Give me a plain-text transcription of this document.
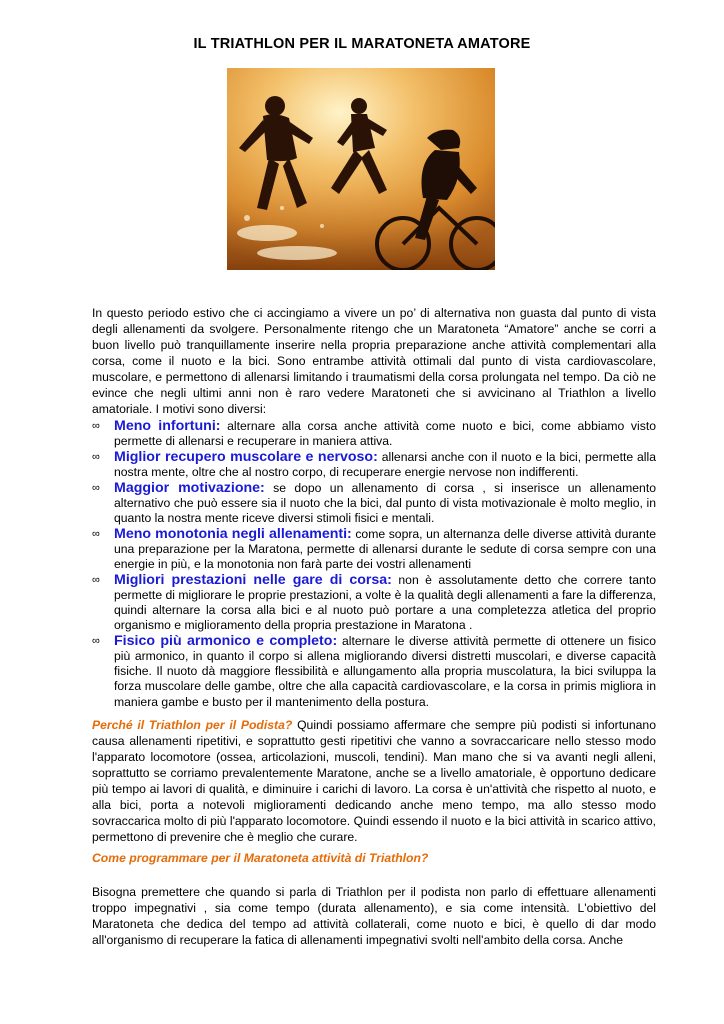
IL TRIATHLON PER IL MARATONETA AMATORE

In questo periodo estivo che ci accingiamo a vivere un po’ di alternativa non guasta dal punto di vista degli allenamenti da svolgere. Personalmente ritengo che un Maratoneta “Amatore” anche se corri a buon livello può tranquillamente inserire nella propria preparazione anche attività complementari alla corsa, come il nuoto e la bici. Sono entrambe attività ottimali dal punto di vista cardiovascolare, muscolare, e permettono di allenarsi limitando i traumatismi della corsa prolungata nel tempo. Da ciò ne evince che negli ultimi anni non è raro vedere Maratoneti che si avvicinano al Triathlon a livello amatoriale. I motivi sono diversi:

∞ Meno infortuni: alternare alla corsa anche attività come nuoto e bici, come abbiamo visto permette di allenarsi e recuperare in maniera attiva.
∞ Miglior recupero muscolare e nervoso: allenarsi anche con il nuoto e la bici, permette alla nostra mente, oltre che al nostro corpo, di recuperare energie nervose non indifferenti.
∞ Maggior motivazione: se dopo un allenamento di corsa , si inserisce un allenamento alternativo che può essere sia il nuoto che la bici, dal punto di vista motivazionale è molto meglio, in quanto la nostra mente riceve diversi stimoli fisici e mentali.
∞ Meno monotonia negli allenamenti: come sopra, un alternanza delle diverse attività durante una preparazione per la Maratona, permette di allenarsi durante le sedute di corsa sempre con una energie in più, e la monotonia non farà parte dei vostri allenamenti
∞ Migliori prestazioni nelle gare di corsa: non è assolutamente detto che correre tanto permette di migliorare le proprie prestazioni, a volte è la qualità degli allenamenti a fare la differenza, quindi alternare la corsa alla bici e al nuoto può portare a una completezza atletica del proprio organismo e miglioramento della propria prestazione in Maratona .
∞ Fisico più armonico e completo: alternare le diverse attività permette di ottenere un fisico più armonico, in quanto il corpo si allena migliorando diversi distretti muscolari, e diverse capacità fisiche. Il nuoto dà maggiore flessibilità e allungamento alla propria muscolatura, la bici sviluppa la forza muscolare delle gambe, oltre che alla capacità cardiovascolare, e la corsa in primis migliora in maniera gambe e busto per il mantenimento della postura.

Perché il Triathlon per il Podista? Quindi possiamo affermare che sempre più podisti si infortunano causa allenamenti ripetitivi, e soprattutto gesti ripetitivi che vanno a sovraccaricare nello stesso modo l'apparato locomotore (ossea, articolazioni, muscoli, tendini). Man mano che si va avanti negli alleni, soprattutto se corriamo prevalentemente Maratone, anche se a livello amatoriale, è opportuno dedicare più tempo ai lavori di qualità, e diminuire i carichi di lavoro. La corsa è un'attività che rispetto al nuoto, e alla bici, porta a notevoli miglioramenti dedicando anche meno tempo, ma allo stesso modo sovraccarica molto di più l'apparato locomotore. Quindi essendo il nuoto e la bici attività in scarico attivo, permettono di prevenire che è meglio che curare.

Come programmare per il Maratoneta attività di Triathlon?

Bisogna premettere che quando si parla di Triathlon per il podista non parlo di effettuare allenamenti troppo impegnativi , sia come tempo (durata allenamento), e sia come intensità. L'obiettivo del Maratoneta che dedica del tempo ad attività collaterali, come nuoto e bici, è quello di dar modo all'organismo di recuperare la fatica di allenamenti impegnativi svolti nell'ambito della corsa. Anche
